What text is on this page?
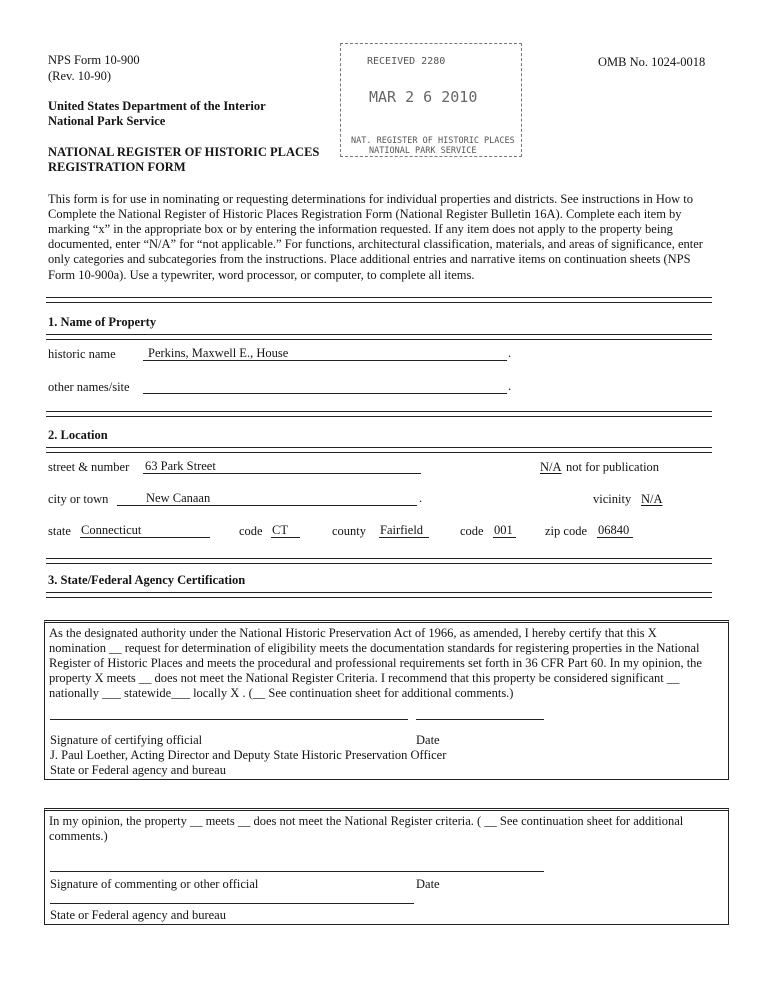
NPS Form 10-900
(Rev. 10-90)
OMB No. 1024-0018
United States Department of the Interior
National Park Service
NATIONAL REGISTER OF HISTORIC PLACES
REGISTRATION FORM
RECEIVED 2280
MAR 2 6 2010
NAT. REGISTER OF HISTORIC PLACES
NATIONAL PARK SERVICE
This form is for use in nominating or requesting determinations for individual properties and districts. See instructions in How to
Complete the National Register of Historic Places Registration Form (National Register Bulletin 16A). Complete each item by
marking “x” in the appropriate box or by entering the information requested. If any item does not apply to the property being
documented, enter “N/A” for “not applicable.” For functions, architectural classification, materials, and areas of significance, enter
only categories and subcategories from the instructions. Place additional entries and narrative items on continuation sheets (NPS
Form 10-900a). Use a typewriter, word processor, or computer, to complete all items.
1. Name of Property
historic name	Perkins, Maxwell E., House	.
other names/site	.
2. Location
street & number 63 Park Street	N/A not for publication
city or town	New Canaan	.	vicinity N/A
state Connecticut	code CT	county Fairfield	code 001	zip code 06840
3. State/Federal Agency Certification
As the designated authority under the National Historic Preservation Act of 1966, as amended, I hereby certify that this X
nomination __ request for determination of eligibility meets the documentation standards for registering properties in the National
Register of Historic Places and meets the procedural and professional requirements set forth in 36 CFR Part 60. In my opinion, the
property X meets __ does not meet the National Register Criteria. I recommend that this property be considered significant __
nationally ___ statewide___ locally X . (__ See continuation sheet for additional comments.)
Signature of certifying official	Date
J. Paul Loether, Acting Director and Deputy State Historic Preservation Officer
State or Federal agency and bureau
In my opinion, the property __ meets __ does not meet the National Register criteria. ( __ See continuation sheet for additional
comments.)
Signature of commenting or other official	Date
State or Federal agency and bureau
